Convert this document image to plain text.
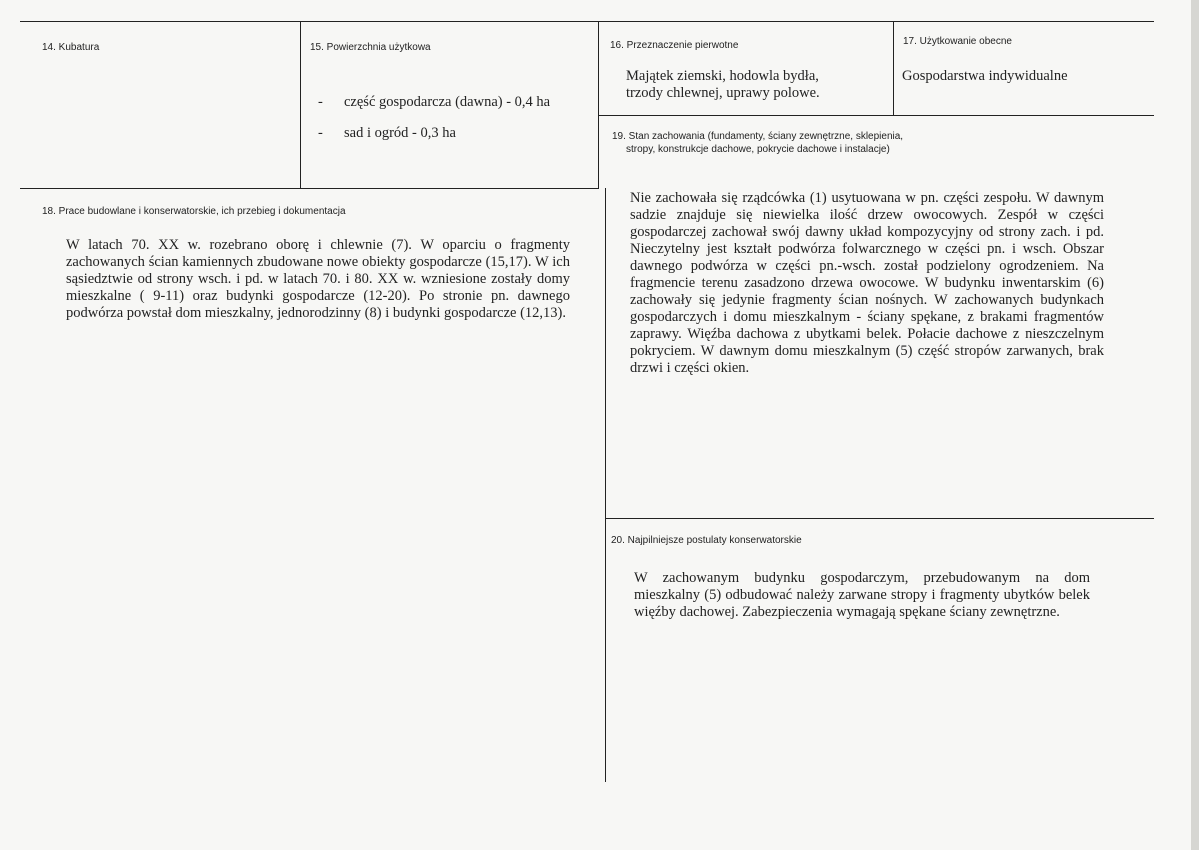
14. Kubatura	15. Powierzchnia użytkowa
- część gospodarcza (dawna) - 0,4 ha
- sad i ogród - 0,3 ha
16. Przeznaczenie pierwotne
Majątek ziemski, hodowla bydła, trzody chlewnej, uprawy polowe.
17. Użytkowanie obecne
Gospodarstwa indywidualne
18. Prace budowlane i konserwatorskie, ich przebieg i dokumentacja
W latach 70. XX w. rozebrano oborę i chlewnie (7). W oparciu o fragmenty zachowanych ścian kamiennych zbudowane nowe obiekty gospodarcze (15,17). W ich sąsiedztwie od strony wsch. i pd. w latach 70. i 80. XX w. wzniesione zostały domy mieszkalne ( 9-11) oraz budynki gospodarcze (12-20). Po stronie pn. dawnego podwórza powstał dom mieszkalny, jednorodzinny (8) i budynki gospodarcze (12,13).
19. Stan zachowania (fundamenty, ściany zewnętrzne, sklepienia,
stropy, konstrukcje dachowe, pokrycie dachowe i instalacje)
Nie zachowała się rządcówka (1) usytuowana w pn. części zespołu. W dawnym sadzie znajduje się niewielka ilość drzew owocowych. Zespół w części gospodarczej zachował swój dawny układ kompozycyjny od strony zach. i pd. Nieczytelny jest kształt podwórza folwarcznego w części pn. i wsch. Obszar dawnego podwórza w części pn.-wsch. został podzielony ogrodzeniem. Na fragmencie terenu zasadzono drzewa owocowe. W budynku inwentarskim (6) zachowały się jedynie fragmenty ścian nośnych. W zachowanych budynkach gospodarczych i domu mieszkalnym - ściany spękane, z brakami fragmentów zaprawy. Więźba dachowa z ubytkami belek. Połacie dachowe z nieszczelnym pokryciem. W dawnym domu mieszkalnym (5) część stropów zarwanych, brak drzwi i części okien.
20. Najpilniejsze postulaty konserwatorskie
W zachowanym budynku gospodarczym, przebudowanym na dom mieszkalny (5) odbudować należy zarwane stropy i fragmenty ubytków belek więźby dachowej. Zabezpieczenia wymagają spękane ściany zewnętrzne.
